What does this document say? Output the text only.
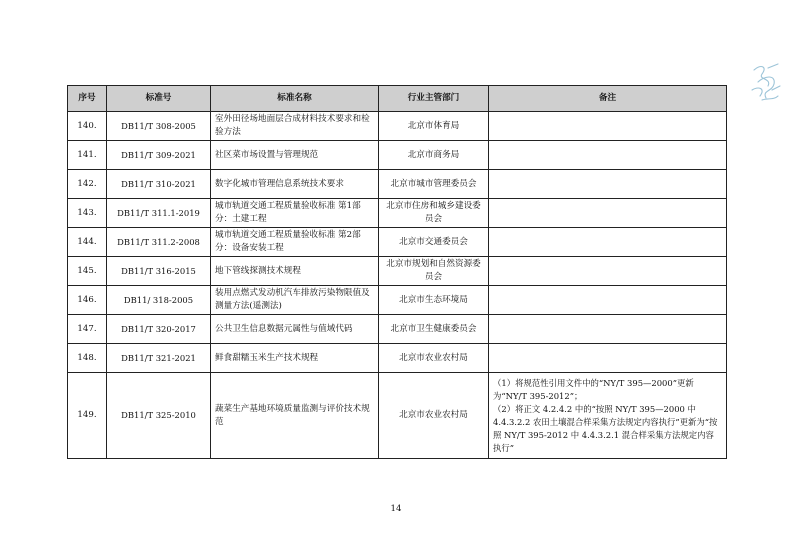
序号	标准号	标准名称	行业主管部门	备注
140.	DB11/T 308-2005	室外田径场地面层合成材料技术要求和检验方法	北京市体育局	
141.	DB11/T 309-2021	社区菜市场设置与管理规范	北京市商务局	
142.	DB11/T 310-2021	数字化城市管理信息系统技术要求	北京市城市管理委员会	
143.	DB11/T 311.1-2019	城市轨道交通工程质量验收标准 第1部分：土建工程	北京市住房和城乡建设委员会	
144.	DB11/T 311.2-2008	城市轨道交通工程质量验收标准 第2部分：设备安装工程	北京市交通委员会	
145.	DB11/T 316-2015	地下管线探测技术规程	北京市规划和自然资源委员会	
146.	DB11/ 318-2005	装用点燃式发动机汽车排放污染物限值及测量方法(遥测法)	北京市生态环境局	
147.	DB11/T 320-2017	公共卫生信息数据元属性与值域代码	北京市卫生健康委员会	
148.	DB11/T 321-2021	鲜食甜糯玉米生产技术规程	北京市农业农村局	
149.	DB11/T 325-2010	蔬菜生产基地环境质量监测与评价技术规范	北京市农业农村局	（1）将规范性引用文件中的“NY/T 395—2000”更新为“NY/T 395-2012”；
（2）将正文 4.2.4.2 中的“按照 NY/T 395—2000 中 4.4.3.2.2 农田土壤混合样采集方法规定内容执行”更新为“按照 NY/T 395-2012 中 4.4.3.2.1 混合样采集方法规定内容执行”
14
